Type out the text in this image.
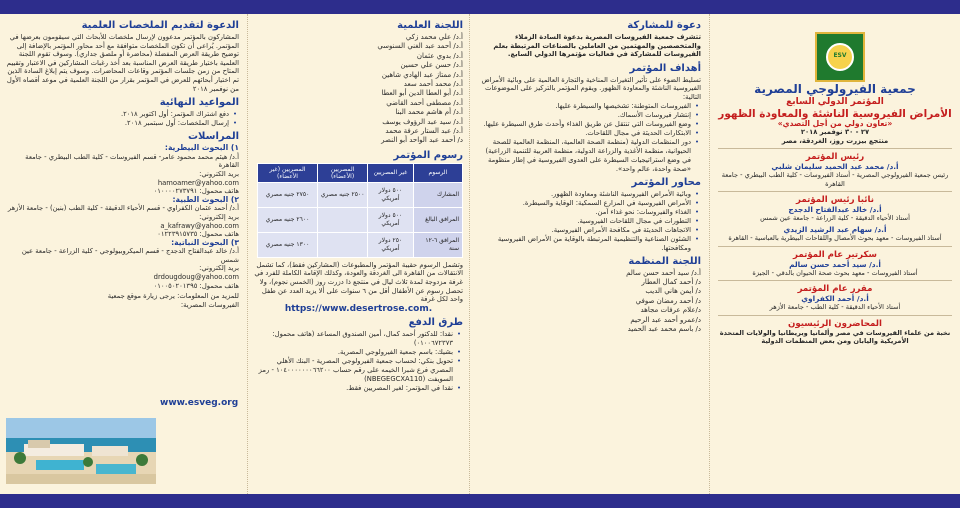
جمعية الفيرولوجي المصرية
المؤتمر الدولي السابع
الأمراض الفيروسية الناشئة والمعاودة الظهور
«تعاون دولي من أجل التصدي»
٢٧ - ٣٠ نوفمبر ٢٠١٨
منتجع بيزرت روز، الغردقة، مصر
رئيس المؤتمر
أ.د/ محمد عبد الحميد سليمان شلبي
رئيس جمعية الفيرولوجي المصرية - أستاذ الفيروسات - كلية الطب البيطري - جامعة القاهرة
نائبا رئيس المؤتمر
أ.د/ خالد عبدالفتاح الدجدج
أستاذ الأحياء الدقيقة - كلية الزراعة - جامعة عين شمس
أ.د/ سهام عبد الرشيد الزيدي
أستاذ الفيروسات - معهد بحوث الأمصال واللقاحات البيطرية بالعباسية - القاهرة
سكرتير عام المؤتمر
أ.د/ سيد أحمد حسن سالم
أستاذ الفيروسات - معهد بحوث صحة الحيوان بالدقي - الجيزة
مقرر عام المؤتمر
أ.د/ أحمد الكفراوي
أستاذ الأحياء الدقيقة - كلية الطب - جامعة الأزهر
المحاضرون الرئيسيون
نخبة من علماء الفيروسات في مصر وألمانيا وبريطانيا والولايات المتحدة الأمريكية واليابان ومن بعض المنظمات الدولية
دعوة للمشاركة

تتشرف جمعية الفيروسات المصرية بدعوة السادة الزملاء والمتخصصين والمهتمين من العاملين بالصناعات المرتبطة بعلم الفيروسات للمشاركة في فعاليات مؤتمرها الدولي السابع.

أهداف المؤتمر

تسليط الضوء على تأثير التغيرات المناخية والتجارة العالمية على وبائية الأمراض الفيروسية الناشئة والمعاودة الظهور. ويقوم المؤتمر بالتركيز على الموضوعات التالية:

• الفيروسات المتوطنة: تشخيصها والسيطرة عليها.
• إنتشار فيروسات الأسماك.
• وضع الفيروسات التي تنتقل عن طريق الغذاء وأحدث طرق السيطرة عليها.
• الابتكارات الحديثة في مجال اللقاحات.
• دور المنظمات الدولية (منظمة الصحة العالمية، المنظمة العالمية للصحة الحيوانية، منظمة الأغذية والزراعة الدولية، منظمة العربية للتنمية الزراعية) في وضع استراتيجيات السيطرة على العدوى الفيروسية في إطار منظومة «صحة واحدة، عالم واحد».
محاور المؤتمر
• وبائية الأمراض الفيروسية الناشئة ومعاودة الظهور.
• الأمراض الفيروسية في المزارع السمكية: الوقاية والسيطرة.
• الغذاء والفيروسات: نحو غذاء آمن.
• التطورات في مجال اللقاحات الفيروسية.
• الاتجاهات الحديثة في مكافحة الأمراض الفيروسية.
• الشئون الصناعية والتنظيمية المرتبطة بالوقاية من الأمراض الفيروسية ومكافحتها.
اللجنة المنظمة
أ.د/ سيد أحمد حسن سالم
د/ أحمد كمال العطار
د/ أيمن هاني الديب
د/ أحمد رمضان صوفي
د/علام عرفات مجاهد
د/عمرو أحمد عبد الرحيم
د/ باسم محمد عبد الحميد
اللجنة العلمية
أ.د/ علي محمد زكي
أ.د/ أحمد عبد الغني السنوسي
أ.د/ بدوي عثمان
أ.د/ حسن علي حسين
أ.د/ ممتاز عبد الهادي شاهين
أ.د/ محمد أحمد سعد
أ.د/ أبو العطا الدين أبو العطا
أ.د/ مصطفى أحمد القاضي
أ.د/ أم هاشم محمد البنا
أ.د/ سيد عبد الرؤوف يوسف
أ.د/ عبد الستار عرفة محمد
د/ أحمد عبد الواحد أبو النصر
رسوم المؤتمر
الرسوم	غير المصريين	المصريين (الأعضاء)	المصريين (غير الأعضاء)
المشارك	٥٠٠ دولار أمريكي	٢٥٠٠ جنيه مصري	٢٧٥٠ جنيه مصري
المرافق البالغ	٥٠٠ دولار أمريكي		٢٦٠٠ جنيه مصري
المرافق ٦-١٢ سنة	٢٥٠ دولار أمريكي		١٣٠٠ جنيه مصري

وتشمل الرسوم حقيبة المؤتمر والمطبوعات (المشاركين فقط)، كما تشمل الانتقالات من القاهرة الى الغردقة والعودة، وكذلك الإقامة الكاملة للفرد في غرفة مزدوجة لمدة ثلاث ليال في منتجع ذا دزرت روز (الخمس نجوم)، ولا تحصل رسوم عن الأطفال أقل من ٦ سنوات على ألا يزيد العدد عن طفل واحد لكل غرفة

https://www.desertrose.com.
طرق الدفع
• نقدا: للدكتور أحمد كمال، أمين الصندوق المساعد (هاتف محمول: ٠١٠٠٦٧٢٣٧٣)
• بشيك: باسم جمعية الفيرولوجي المصرية.
• تحويل بنكي: لحساب جمعية الفيرولوجي المصرية - البنك الأهلي المصري فرع شبرا الخيمه على رقم حساب ١٠٤٠٠٠٠٠٠٠٦٦٢٠٠ - رمز السويفت (NBEGEGCXA110)
• نقدا في المؤتمر: لغير المصريين فقط.
الدعوة لتقديم الملخصات العلمية

المشاركون بالمؤتمر مدعوون لإرسال ملخصات للأبحاث التي سيقومون بعرضها في المؤتمر. يُراعى أن تكون الملخصات متوافقة مع أحد محاور المؤتمر بالإضافة إلى توضيح طريقة العرض المفضلة (محاضرة أو ملصق جداري). وسوف تقوم اللجنة العلمية باختيار طريقة العرض المناسبة بعد أخذ رغبات المشاركين في الاعتبار وتقييم المتاح من زمن جلسات المؤتمر وقاعات المحاضرات. وسوف يتم إبلاغ السادة الذين تم اختيار أبحاثهم للعرض في المؤتمر بقرار من اللجنة العلمية في موعد أقصاه الأول من نوفمبر ٢٠١٨

المواعيد النهائية
• دفع اشتراك المؤتمر: أول اكتوبر ٢٠١٨.
• إرسال الملخصات: أول سبتمبر ٢٠١٨.
المراسلات
١) البحوث البيطرية:
أ.د/ هيثم محمد محمود عامر- قسم الفيروسات - كلية الطب البيطري - جامعة القاهرة
بريد الكتروني:
hamoamer@yahoo.com
هاتف محمول: ٠١٠٠٠٠٢٧٣٧٩١
٢) البحوث الطبية:
أ.د/ أحمد عثمان الكفراوي - قسم الأحياء الدقيقة - كلية الطب (بنين) - جامعة الأزهر
بريد إلكتروني:
a_kafrawy@yahoo.com
هاتف محمول: ٠١٢٢٣٩١٥٧٣٥
٣) البحوث النباتية:
أ.د/ خالد عبدالفتاح الدجدج - قسم الميكروبيولوجي - كلية الزراعة - جامعة عين شمس
بريد إلكتروني:
drdougdoug@yahoo.com
هاتف محمول: ٠١٠٠٥٠٢٠١٣٩٥
للمزيد من المعلومات: يرجى زيارة موقع جمعية الفيروسات المصرية:
www.esveg.org
ESV
